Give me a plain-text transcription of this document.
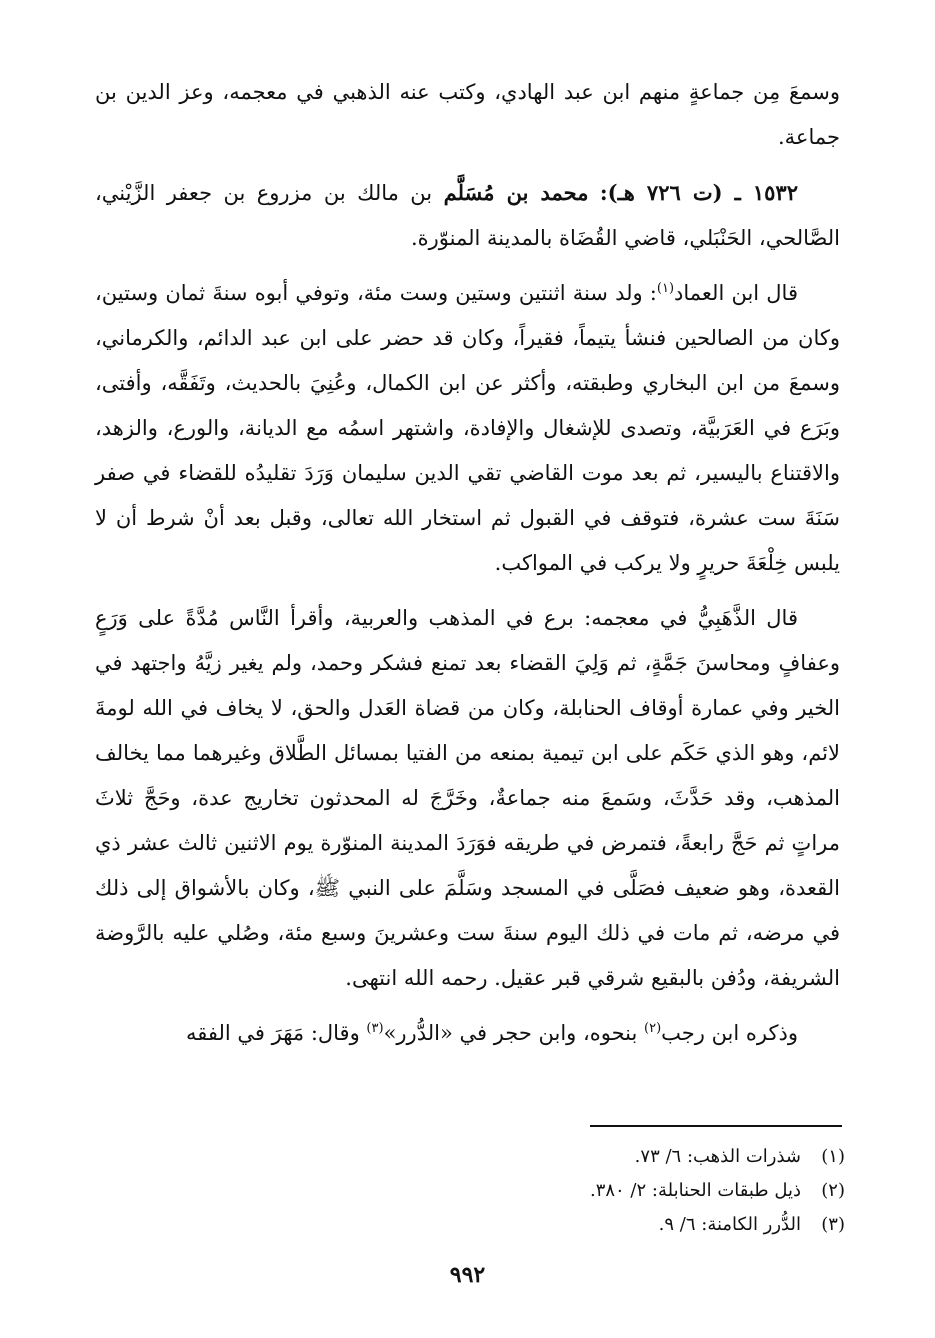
وسمعَ مِن جماعةٍ منهم ابن عبد الهادي، وكتب عنه الذهبي في معجمه، وعز الدين بن جماعة.

١٥٣٢ ـ (ت ٧٢٦ هـ): محمد بن مُسَلَّم بن مالك بن مزروع بن جعفر الزَّيْني، الصَّالحي، الحَنْبَلي، قاضي القُضَاة بالمدينة المنوّرة.

قال ابن العماد$^{(١)}$: ولد سنة اثنتين وستين وست مئة، وتوفي أبوه سنةَ ثمان وستين، وكان من الصالحين فنشأ يتيماً، فقيراً، وكان قد حضر على ابن عبد الدائم، والكرماني، وسمعَ من ابن البخاري وطبقته، وأكثر عن ابن الكمال، وعُنِيَ بالحديث، وتَفَقَّه، وأفتى، وبَرَع في العَرَبيَّة، وتصدى للإشغال والإفادة، واشتهر اسمُه مع الديانة، والورع، والزهد، والاقتناع باليسير، ثم بعد موت القاضي تقي الدين سليمان وَرَدَ تقليدُه للقضاء في صفر سَنَةَ ست عشرة، فتوقف في القبول ثم استخار الله تعالى، وقبل بعد أنْ شرط أن لا يلبس خِلْعَةَ حريرٍ ولا يركب في المواكب.

قال الذَّهَبِيُّ في معجمه: برع في المذهب والعربية، وأقرأ النَّاس مُدَّةً على وَرَعٍ وعفافٍ ومحاسنَ جَمَّةٍ، ثم وَلِيَ القضاء بعد تمنع فشكر وحمد، ولم يغير زيَّهُ واجتهد في الخير وفي عمارة أوقاف الحنابلة، وكان من قضاة العَدل والحق، لا يخاف في الله لومةَ لائم، وهو الذي حَكَم على ابن تيمية بمنعه من الفتيا بمسائل الطَّلاق وغيرهما مما يخالف المذهب، وقد حَدَّثَ، وسَمعَ منه جماعةٌ، وخَرَّجَ له المحدثون تخاريج عدة، وحَجَّ ثلاثَ مراتٍ ثم حَجَّ رابعةً، فتمرض في طريقه فوَرَدَ المدينة المنوّرة يوم الاثنين ثالث عشر ذي القعدة، وهو ضعيف فصَلَّى في المسجد وسَلَّمَ على النبي ﷺ، وكان بالأشواق إلى ذلك في مرضه، ثم مات في ذلك اليوم سنةَ ست وعشرينَ وسبع مئة، وصُلي عليه بالرَّوضة الشريفة، ودُفن بالبقيع شرقي قبر عقيل. رحمه الله انتهى.

وذكره ابن رجب$^{(٢)}$ بنحوه، وابن حجر في «الدُّرر»$^{(٣)}$ وقال: مَهَرَ في الفقه

(١)شذرات الذهب: ٦/ ٧٣.
(٢)ذيل طبقات الحنابلة: ٢/ ٣٨٠.
(٣)الدُّرر الكامنة: ٦/ ٩.
٩٩٢
